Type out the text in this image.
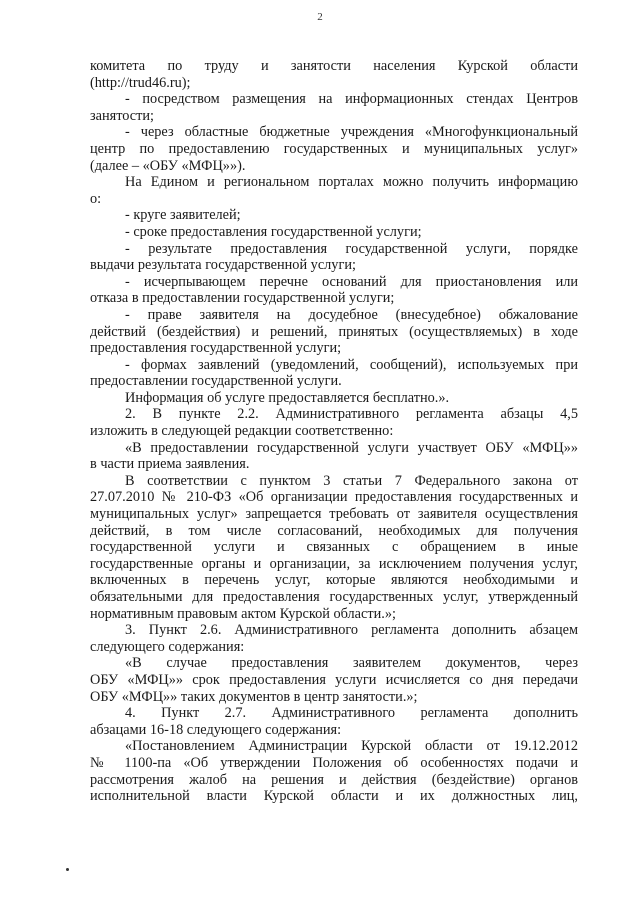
2
комитета по труду и занятости населения Курской области
(http://trud46.ru);
- посредством размещения на информационных стендах Центров
занятости;
- через областные бюджетные учреждения «Многофункциональный
центр по предоставлению государственных и муниципальных услуг»
(далее – «ОБУ «МФЦ»»).
На Едином и региональном порталах можно получить информацию
о:
- круге заявителей;
- сроке предоставления государственной услуги;
- результате предоставления государственной услуги, порядке
выдачи результата государственной услуги;
- исчерпывающем перечне оснований для приостановления или
отказа в предоставлении государственной услуги;
- праве заявителя на досудебное (внесудебное) обжалование
действий (бездействия) и решений, принятых (осуществляемых) в ходе
предоставления государственной услуги;
- формах заявлений (уведомлений, сообщений), используемых при
предоставлении государственной услуги.
Информация об услуге предоставляется бесплатно.».
2. В пункте 2.2. Административного регламента абзацы 4,5
изложить в следующей редакции соответственно:
«В предоставлении государственной услуги участвует ОБУ «МФЦ»»
в части приема заявления.
В соответствии с пунктом 3 статьи 7 Федерального закона от
27.07.2010 № 210-ФЗ «Об организации предоставления государственных и
муниципальных услуг» запрещается требовать от заявителя осуществления
действий, в том числе согласований, необходимых для получения
государственной услуги и связанных с обращением в иные
государственные органы и организации, за исключением получения услуг,
включенных в перечень услуг, которые являются необходимыми и
обязательными для предоставления государственных услуг, утвержденный
нормативным правовым актом Курской области.»;
3. Пункт 2.6. Административного регламента дополнить абзацем
следующего содержания:
«В случае предоставления заявителем документов, через
ОБУ «МФЦ»» срок предоставления услуги исчисляется со дня передачи
ОБУ «МФЦ»» таких документов в центр занятости.»;
4. Пункт 2.7. Административного регламента дополнить
абзацами 16-18 следующего содержания:
«Постановлением Администрации Курской области от 19.12.2012
№ 1100-па «Об утверждении Положения об особенностях подачи и
рассмотрения жалоб на решения и действия (бездействие) органов
исполнительной власти Курской области и их должностных лиц,
